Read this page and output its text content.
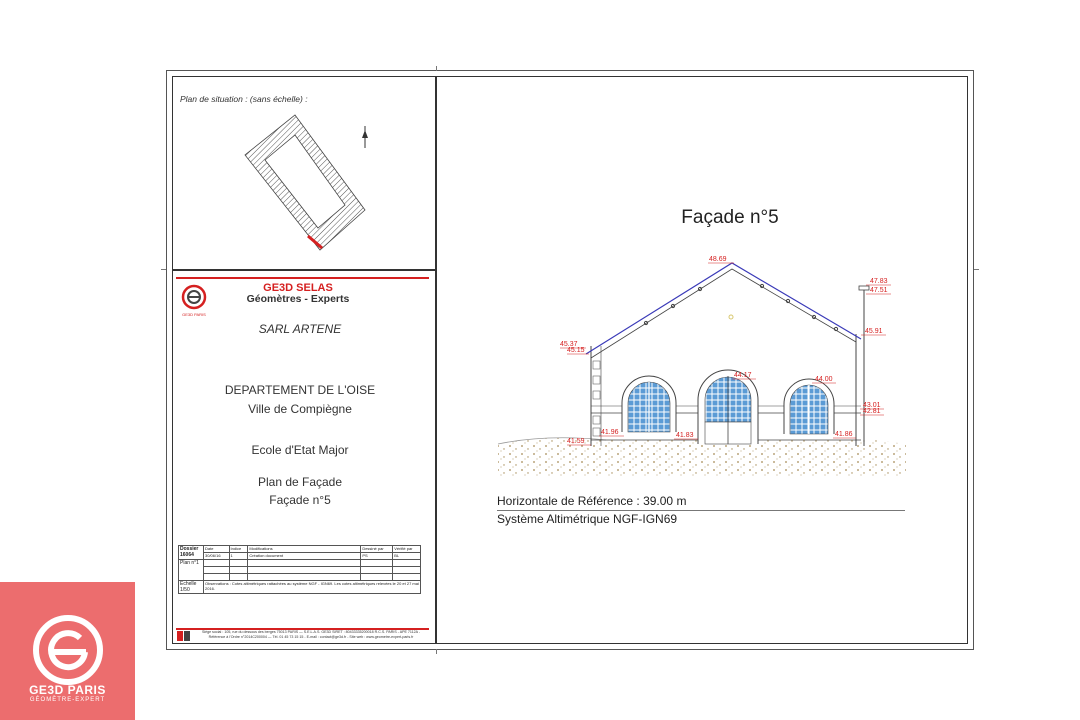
Plan de situation : (sans échelle) :
GE3D PARIS
GE3D SELAS
Géomètres - Experts
SARL ARTENE
DEPARTEMENT DE L'OISE
Ville de Compiègne
Ecole d'Etat Major
Plan de Façade
Façade n°5
Dossier
16064	Date	Indice	Modifications	Dessiné par	Vérifié par
	30/06/16	1	Création document	PS	BL
Plan n°1					

Echelle
1/50	Observations : Cotes altimétriques rattachées au système NGF - IGN69. Les cotes altimétriques relevées le 20 et 27 mai 2016.				
Siège social : 105, rue du dessous des berges 75013 PARIS — S.E.L.A.S. GE3D SIRET : 80433335200018 R.C.S. PARIS - APE 7112A - Référence à l'Ordre n°2014C200004 — Tél. 01 45 73 15 15 - E-mail : contact@ge3d.fr - Site web : www.geometre-expert-paris.fr
Façade n°5
48.69
47.83
47.51
45.91
45.37
45.15
44.17
44.00
43.01
42.81
41.96	41.83	41.86
41.59
Horizontale de Référence : 39.00 m
Système Altimétrique NGF-IGN69
GE3D PARIS
GÉOMÈTRE-EXPERT
